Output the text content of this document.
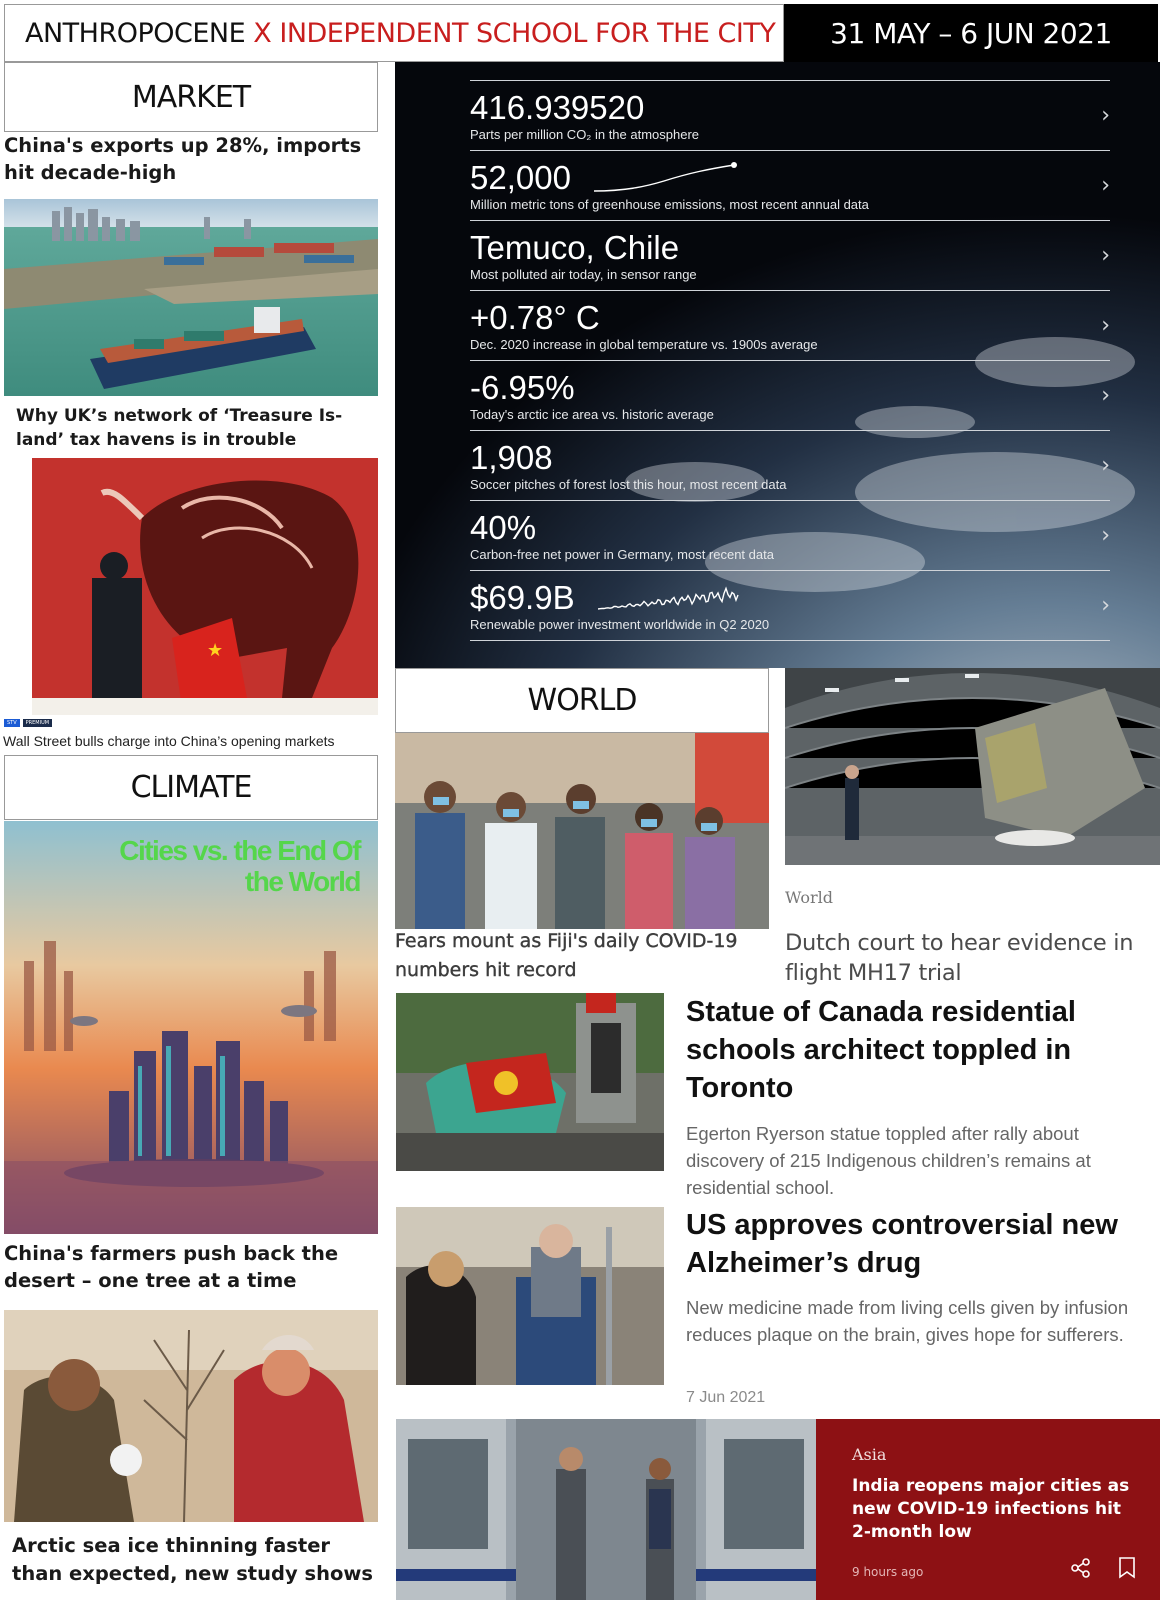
ANTHROPOCENE
X INDEPENDENT SCHOOL FOR THE CITY	31 MAY – 6 JUN 2021
MARKET
China's exports up 28%, imports hit decade-high
Why UK’s network of ‘Treasure Is-land’ tax havens is in trouble
★
STV	PREMIUM
Wall Street bulls charge into China’s opening markets
CLIMATE
Cities vs. the End Of the World
China's farmers push back the desert – one tree at a time
Arctic sea ice thinning faster than expected, new study shows
416.939520
Parts per million CO₂ in the atmosphere
›
52,000
Million metric tons of greenhouse emissions, most recent annual data
›
Temuco, Chile
Most polluted air today, in sensor range
›
+0.78° C
Dec. 2020 increase in global temperature vs. 1900s average
›
-6.95%
Today's arctic ice area vs. historic average
›
1,908
Soccer pitches of forest lost this hour, most recent data
›
40%
Carbon-free net power in Germany, most recent data
›
$69.9B
Renewable power investment worldwide in Q2 2020
›
WORLD
Fears mount as Fiji's daily COVID-19 numbers hit record
World
Dutch court to hear evidence in flight MH17 trial
Statue of Canada residential schools architect toppled in Toronto
Egerton Ryerson statue toppled after rally about discovery of 215 Indigenous children’s remains at residential school.
US approves controversial new Alzheimer’s drug
New medicine made from living cells given by infusion reduces plaque on the brain, gives hope for sufferers.
7 Jun 2021
Asia
India reopens major cities as new COVID-19 infections hit 2-month low
9 hours ago
